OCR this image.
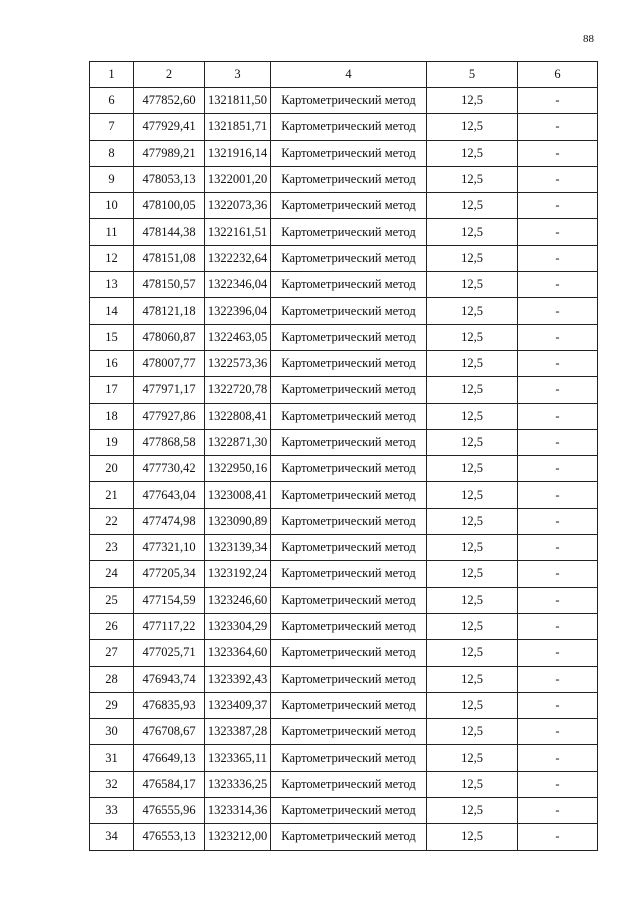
88
1	2	3	4	5	6
6	477852,60	1321811,50	Картометрический метод	12,5	-
7	477929,41	1321851,71	Картометрический метод	12,5	-
8	477989,21	1321916,14	Картометрический метод	12,5	-
9	478053,13	1322001,20	Картометрический метод	12,5	-
10	478100,05	1322073,36	Картометрический метод	12,5	-
11	478144,38	1322161,51	Картометрический метод	12,5	-
12	478151,08	1322232,64	Картометрический метод	12,5	-
13	478150,57	1322346,04	Картометрический метод	12,5	-
14	478121,18	1322396,04	Картометрический метод	12,5	-
15	478060,87	1322463,05	Картометрический метод	12,5	-
16	478007,77	1322573,36	Картометрический метод	12,5	-
17	477971,17	1322720,78	Картометрический метод	12,5	-
18	477927,86	1322808,41	Картометрический метод	12,5	-
19	477868,58	1322871,30	Картометрический метод	12,5	-
20	477730,42	1322950,16	Картометрический метод	12,5	-
21	477643,04	1323008,41	Картометрический метод	12,5	-
22	477474,98	1323090,89	Картометрический метод	12,5	-
23	477321,10	1323139,34	Картометрический метод	12,5	-
24	477205,34	1323192,24	Картометрический метод	12,5	-
25	477154,59	1323246,60	Картометрический метод	12,5	-
26	477117,22	1323304,29	Картометрический метод	12,5	-
27	477025,71	1323364,60	Картометрический метод	12,5	-
28	476943,74	1323392,43	Картометрический метод	12,5	-
29	476835,93	1323409,37	Картометрический метод	12,5	-
30	476708,67	1323387,28	Картометрический метод	12,5	-
31	476649,13	1323365,11	Картометрический метод	12,5	-
32	476584,17	1323336,25	Картометрический метод	12,5	-
33	476555,96	1323314,36	Картометрический метод	12,5	-
34	476553,13	1323212,00	Картометрический метод	12,5	-
